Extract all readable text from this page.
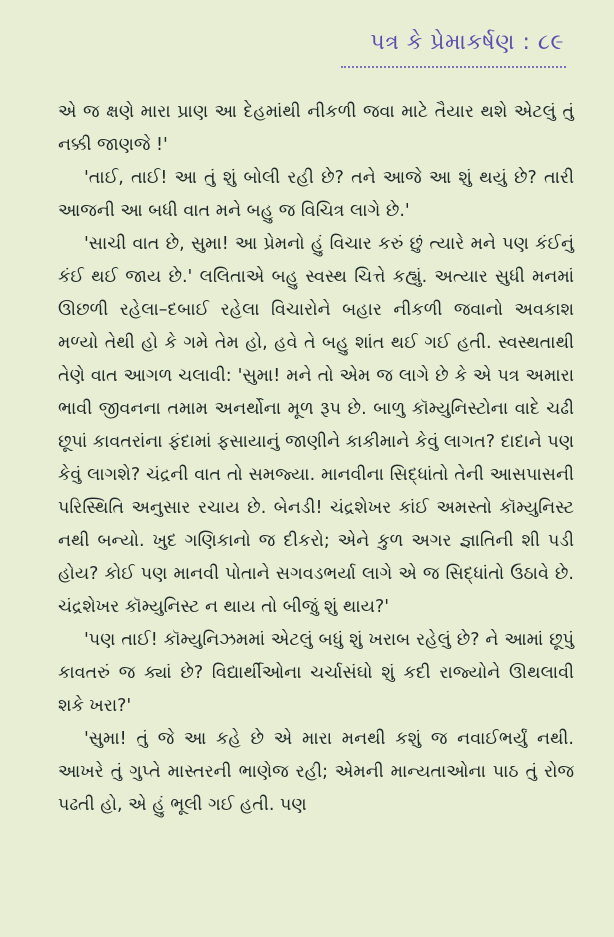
પત્ર કે પ્રેમાકર્ષણ : ૮૯

એ જ ક્ષણે મારા પ્રાણ આ દેહમાંથી નીકળી જવા માટે તૈયાર થશે એટલું તું નક્કી જાણજે !'

'તાઈ, તાઈ! આ તું શું બોલી રહી છે? તને આજે આ શું થયું છે? તારી આજની આ બધી વાત મને બહુ જ વિચિત્ર લાગે છે.'

'સાચી વાત છે, સુમા! આ પ્રેમનો હું વિચાર કરું છું ત્યારે મને પણ કંઈનું કંઈ થઈ જાય છે.' લલિતાએ બહુ સ્વસ્થ ચિત્તે કહ્યું. અત્યાર સુધી મનમાં ઊછળી રહેલા–દબાઈ રહેલા વિચારોને બહાર નીકળી જવાનો અવકાશ મળ્યો તેથી હો કે ગમે તેમ હો, હવે તે બહુ શાંત થઈ ગઈ હતી. સ્વસ્થતાથી તેણે વાત આગળ ચલાવી: 'સુમા! મને તો એમ જ લાગે છે કે એ પત્ર અમારા ભાવી જીવનના તમામ અનર્થોના મૂળ રૂપ છે. બાળુ કૉમ્યુનિસ્ટોના વાદે ચઢી છૂપાં કાવતરાંના ફંદામાં ફસાયાનું જાણીને કાકીમાને કેવું લાગત? દાદાને પણ કેવું લાગશે? ચંદ્રની વાત તો સમજ્યા. માનવીના સિદ્ધાંતો તેની આસપાસની પરિસ્થિતિ અનુસાર રચાય છે. બેનડી! ચંદ્રશેખર કાંઈ અમસ્તો કૉમ્યુનિસ્ટ નથી બન્યો. ખુદ ગણિકાનો જ દીકરો; એને કુળ અગર જ્ઞાતિની શી પડી હોય? કોઈ પણ માનવી પોતાને સગવડભર્યા લાગે એ જ સિદ્ધાંતો ઉઠાવે છે. ચંદ્રશેખર કૉમ્યુનિસ્ટ ન થાય તો બીજું શું થાય?'

'પણ તાઈ! કૉમ્યુનિઝમમાં એટલું બધું શું ખરાબ રહેલું છે? ને આમાં છૂપું કાવતરું જ ક્યાં છે? વિદ્યાર્થીઓના ચર્ચાસંઘો શું કદી રાજ્યોને ઊથલાવી શકે ખરા?'

'સુમા! તું જે આ કહે છે એ મારા મનથી કશું જ નવાઈભર્યું નથી. આખરે તું ગુપ્તે માસ્તરની ભાણેજ રહી; એમની માન્યતાઓના પાઠ તું રોજ પઢતી હો, એ હું ભૂલી ગઈ હતી. પણ
